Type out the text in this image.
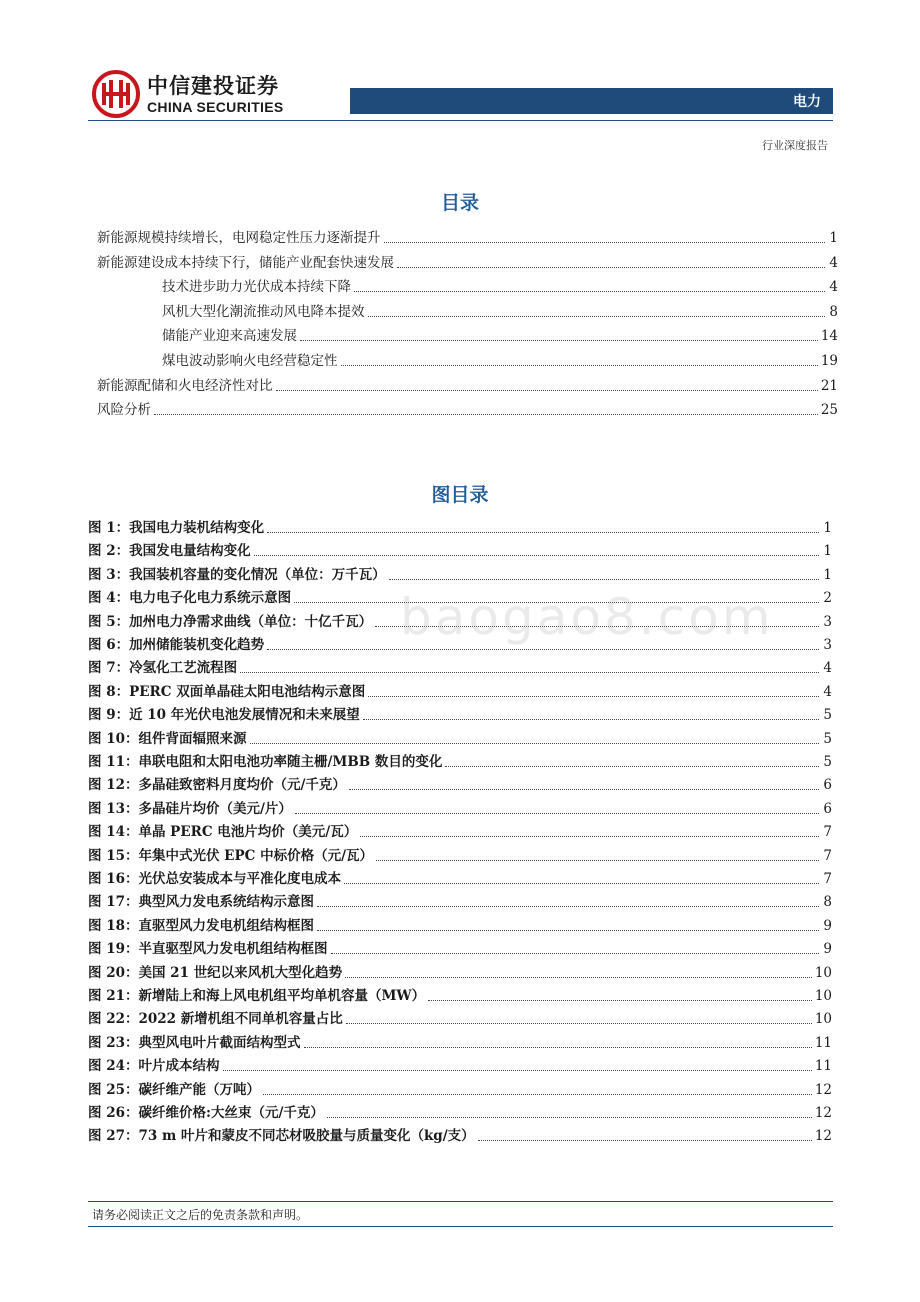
中信建投证券
CHINA SECURITIES	电力
行业深度报告
目录
新能源规模持续增长，电网稳定性压力逐渐提升	1
新能源建设成本持续下行，储能产业配套快速发展	4
技术进步助力光伏成本持续下降	4
风机大型化潮流推动风电降本提效	8
储能产业迎来高速发展	14
煤电波动影响火电经营稳定性	19
新能源配储和火电经济性对比	21
风险分析	25
图目录
图 1：我国电力装机结构变化	1
图 2：我国发电量结构变化	1
图 3：我国装机容量的变化情况（单位：万千瓦）	1
图 4：电力电子化电力系统示意图	2
图 5：加州电力净需求曲线（单位：十亿千瓦）	3
图 6：加州储能装机变化趋势	3
图 7：冷氢化工艺流程图	4
图 8：PERC 双面单晶硅太阳电池结构示意图	4
图 9：近 10 年光伏电池发展情况和未来展望	5
图 10：组件背面辐照来源	5
图 11：串联电阻和太阳电池功率随主栅/MBB 数目的变化	5
图 12：多晶硅致密料月度均价（元/千克）	6
图 13：多晶硅片均价（美元/片）	6
图 14：单晶 PERC 电池片均价（美元/瓦）	7
图 15：年集中式光伏 EPC 中标价格（元/瓦）	7
图 16：光伏总安装成本与平准化度电成本	7
图 17：典型风力发电系统结构示意图	8
图 18：直驱型风力发电机组结构框图	9
图 19：半直驱型风力发电机组结构框图	9
图 20：美国 21 世纪以来风机大型化趋势	10
图 21：新增陆上和海上风电机组平均单机容量（MW）	10
图 22：2022 新增机组不同单机容量占比	10
图 23：典型风电叶片截面结构型式	11
图 24：叶片成本结构	11
图 25：碳纤维产能（万吨）	12
图 26：碳纤维价格:大丝束（元/千克）	12
图 27：73 m 叶片和蒙皮不同芯材吸胶量与质量变化（kg/支）	12
baogao8.com
请务必阅读正文之后的免责条款和声明。
